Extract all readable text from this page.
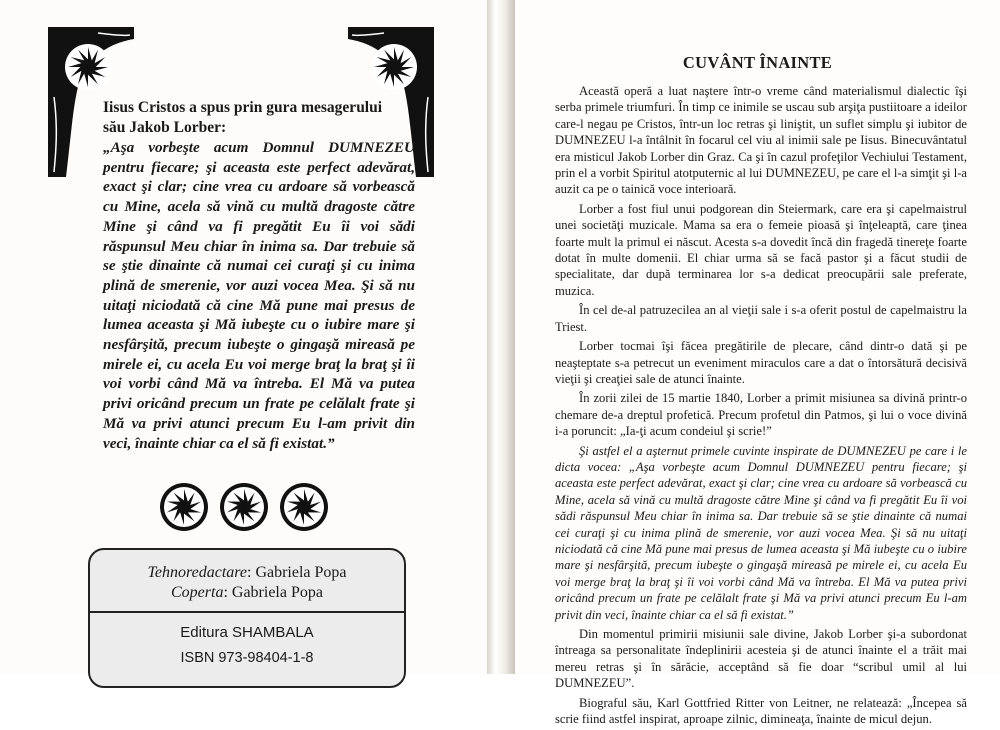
Iisus Cristos a spus prin gura mesagerului său Jakob Lorber:
„Aşa vorbeşte acum Domnul DUMNEZEU pentru fiecare; şi aceasta este perfect adevărat, exact şi clar; cine vrea cu ardoare să vorbească cu Mine, acela să vină cu multă dragoste către Mine şi când va fi pregătit Eu îi voi sădi răspunsul Meu chiar în inima sa. Dar trebuie să se ştie dinainte că numai cei curaţi şi cu inima plină de smerenie, vor auzi vocea Mea. Şi să nu uitaţi niciodată că cine Mă pune mai presus de lumea aceasta şi Mă iubeşte cu o iubire mare şi nesfârşită, precum iubeşte o gingaşă mireasă pe mirele ei, cu acela Eu voi merge braţ la braţ şi îi voi vorbi când Mă va întreba. El Mă va putea privi oricând precum un frate pe celălalt frate şi Mă va privi atunci precum Eu l-am privit din veci, înainte chiar ca el să fi existat.”
Tehnoredactare: Gabriela Popa
Coperta: Gabriela Popa
Editura SHAMBALA
ISBN 973-98404-1-8
CUVÂNT ÎNAINTE

Această operă a luat naştere într-o vreme când materialismul dialectic îşi serba primele triumfuri. În timp ce inimile se uscau sub arşiţa pustiitoare a ideilor care-l negau pe Cristos, într-un loc retras şi liniştit, un suflet simplu şi iubitor de DUMNEZEU l-a întâlnit în focarul cel viu al inimii sale pe Iisus. Binecuvântatul era misticul Jakob Lorber din Graz. Ca şi în cazul profeţilor Vechiului Testament, prin el a vorbit Spiritul atotputernic al lui DUMNEZEU, pe care el l-a simţit şi l-a auzit ca pe o tainică voce interioară.

Lorber a fost fiul unui podgorean din Steiermark, care era şi capelmaistrul unei societăţi muzicale. Mama sa era o femeie pioasă şi înţeleaptă, care ţinea foarte mult la primul ei născut. Acesta s-a dovedit încă din fragedă tinereţe foarte dotat în multe domenii. El chiar urma să se facă pastor şi a făcut studii de specialitate, dar după terminarea lor s-a dedicat preocupării sale preferate, muzica.

În cel de-al patruzecilea an al vieţii sale i s-a oferit postul de capelmaistru la Triest.

Lorber tocmai îşi făcea pregătirile de plecare, când dintr-o dată şi pe neaşteptate s-a petrecut un eveniment miraculos care a dat o întorsătură decisivă vieţii şi creaţiei sale de atunci înainte.

În zorii zilei de 15 martie 1840, Lorber a primit misiunea sa divină printr-o chemare de-a dreptul profetică. Precum profetul din Patmos, şi lui o voce divină i-a poruncit: „Ia-ţi acum condeiul şi scrie!”

Şi astfel el a aşternut primele cuvinte inspirate de DUMNEZEU pe care i le dicta vocea: „Aşa vorbeşte acum Domnul DUMNEZEU pentru fiecare; şi aceasta este perfect adevărat, exact şi clar; cine vrea cu ardoare să vorbească cu Mine, acela să vină cu multă dragoste către Mine şi când va fi pregătit Eu îi voi sădi răspunsul Meu chiar în inima sa. Dar trebuie să se ştie dinainte că numai cei curaţi şi cu inima plină de smerenie, vor auzi vocea Mea. Şi să nu uitaţi niciodată că cine Mă pune mai presus de lumea aceasta şi Mă iubeşte cu o iubire mare şi nesfârşită, precum iubeşte o gingaşă mireasă pe mirele ei, cu acela Eu voi merge braţ la braţ şi îi voi vorbi când Mă va întreba. El Mă va putea privi oricând precum un frate pe celălalt frate şi Mă va privi atunci precum Eu l-am privit din veci, înainte chiar ca el să fi existat.”

Din momentul primirii misiunii sale divine, Jakob Lorber şi-a subordonat întreaga sa personalitate îndeplinirii acesteia şi de atunci înainte el a trăit mai mereu retras şi în sărăcie, acceptând să fie doar “scribul umil al lui DUMNEZEU”.

Biograful său, Karl Gottfried Ritter von Leitner, ne relatează: „Începea să scrie fiind astfel inspirat, aproape zilnic, dimineaţa, înainte de micul dejun.
